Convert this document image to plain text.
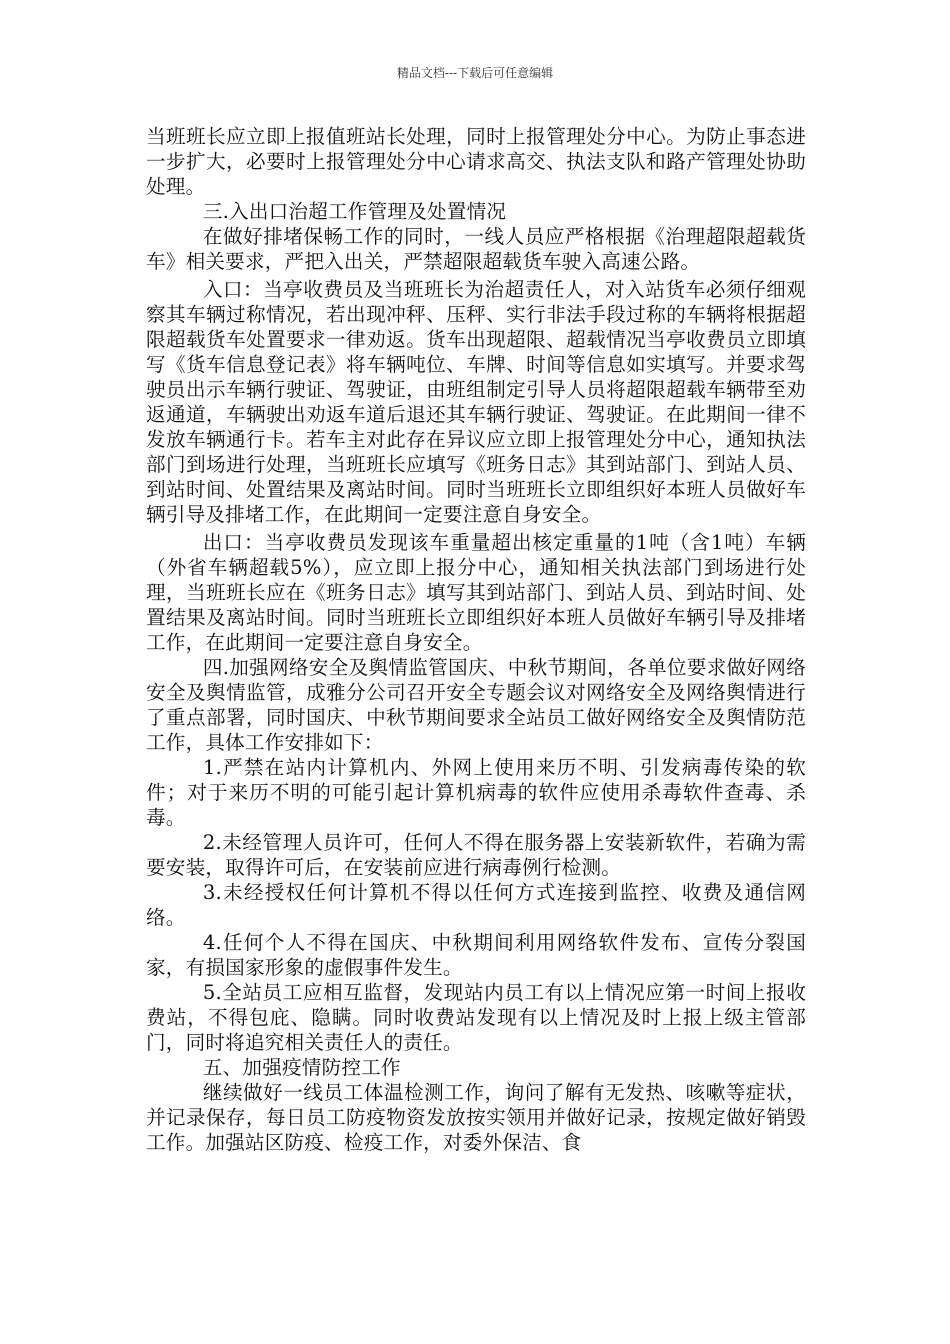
精品文档---下载后可任意编辑

当班班长应立即上报值班站长处理，同时上报管理处分中心。为防止事态进一步扩大，必要时上报管理处分中心请求高交、执法支队和路产管理处协助处理。

三.入出口治超工作管理及处置情况

在做好排堵保畅工作的同时，一线人员应严格根据《治理超限超载货车》相关要求，严把入出关，严禁超限超载货车驶入高速公路。

入口：当亭收费员及当班班长为治超责任人，对入站货车必须仔细观察其车辆过称情况，若出现冲秤、压秤、实行非法手段过称的车辆将根据超限超载货车处置要求一律劝返。货车出现超限、超载情况当亭收费员立即填写《货车信息登记表》将车辆吨位、车牌、时间等信息如实填写。并要求驾驶员出示车辆行驶证、驾驶证，由班组制定引导人员将超限超载车辆带至劝返通道，车辆驶出劝返车道后退还其车辆行驶证、驾驶证。在此期间一律不发放车辆通行卡。若车主对此存在异议应立即上报管理处分中心，通知执法部门到场进行处理，当班班长应填写《班务日志》其到站部门、到站人员、到站时间、处置结果及离站时间。同时当班班长立即组织好本班人员做好车辆引导及排堵工作，在此期间一定要注意自身安全。

出口：当亭收费员发现该车重量超出核定重量的1吨（含1吨）车辆（外省车辆超载5%），应立即上报分中心，通知相关执法部门到场进行处理，当班班长应在《班务日志》填写其到站部门、到站人员、到站时间、处置结果及离站时间。同时当班班长立即组织好本班人员做好车辆引导及排堵工作，在此期间一定要注意自身安全。

四.加强网络安全及舆情监管国庆、中秋节期间，各单位要求做好网络安全及舆情监管，成雅分公司召开安全专题会议对网络安全及网络舆情进行了重点部署，同时国庆、中秋节期间要求全站员工做好网络安全及舆情防范工作，具体工作安排如下：

1.严禁在站内计算机内、外网上使用来历不明、引发病毒传染的软件；对于来历不明的可能引起计算机病毒的软件应使用杀毒软件查毒、杀毒。

2.未经管理人员许可，任何人不得在服务器上安装新软件，若确为需要安装，取得许可后，在安装前应进行病毒例行检测。

3.未经授权任何计算机不得以任何方式连接到监控、收费及通信网络。

4.任何个人不得在国庆、中秋期间利用网络软件发布、宣传分裂国家，有损国家形象的虚假事件发生。

5.全站员工应相互监督，发现站内员工有以上情况应第一时间上报收费站，不得包庇、隐瞒。同时收费站发现有以上情况及时上报上级主管部门，同时将追究相关责任人的责任。

五、加强疫情防控工作

继续做好一线员工体温检测工作，询问了解有无发热、咳嗽等症状，并记录保存，每日员工防疫物资发放按实领用并做好记录，按规定做好销毁工作。加强站区防疫、检疫工作，对委外保洁、食
